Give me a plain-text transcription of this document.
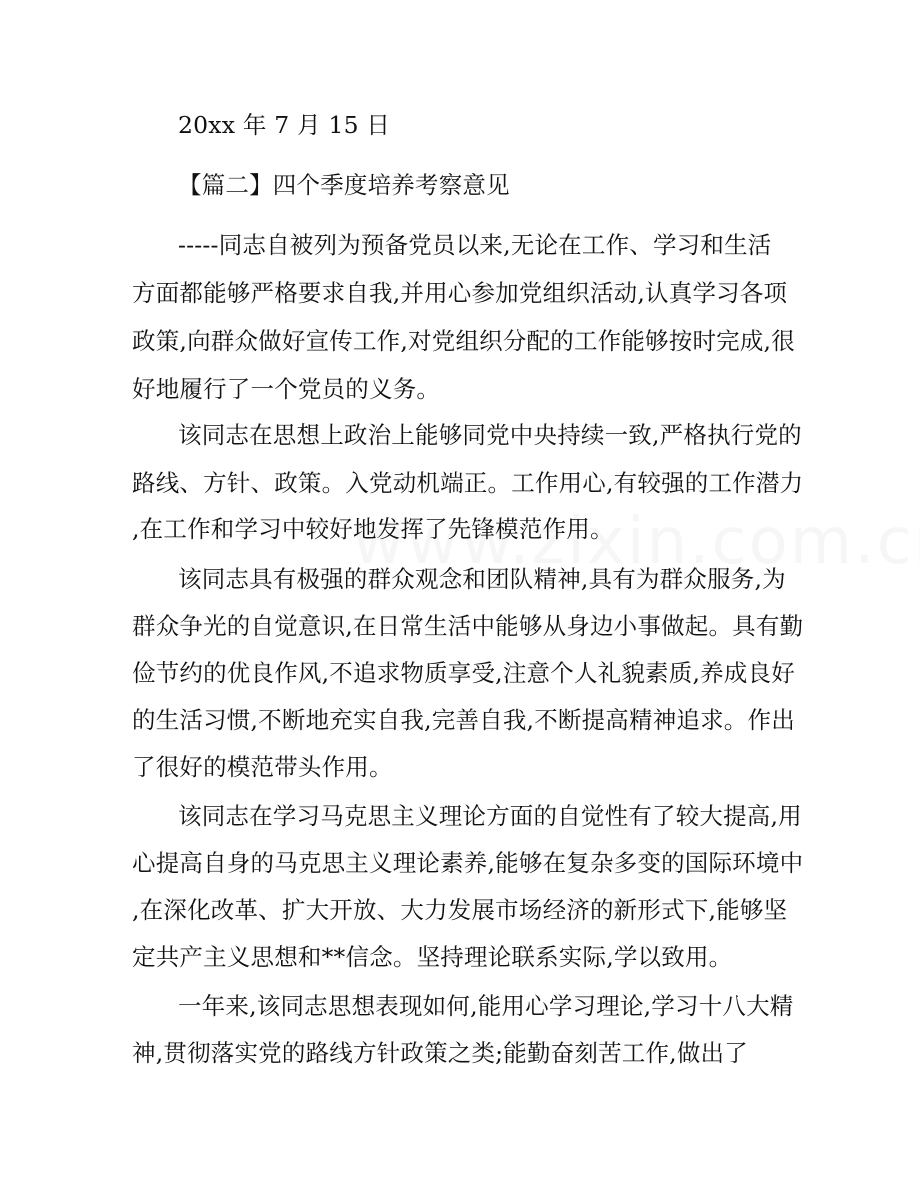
20xx 年 7 月 15 日
【篇二】四个季度培养考察意见
-----同志自被列为预备党员以来,无论在工作、学习和生活
方面都能够严格要求自我,并用心参加党组织活动,认真学习各项
政策,向群众做好宣传工作,对党组织分配的工作能够按时完成,很
好地履行了一个党员的义务。
该同志在思想上政治上能够同党中央持续一致,严格执行党的
路线、方针、政策。入党动机端正。工作用心,有较强的工作潜力
,在工作和学习中较好地发挥了先锋模范作用。
该同志具有极强的群众观念和团队精神,具有为群众服务,为
群众争光的自觉意识,在日常生活中能够从身边小事做起。具有勤
俭节约的优良作风,不追求物质享受,注意个人礼貌素质,养成良好
的生活习惯,不断地充实自我,完善自我,不断提高精神追求。作出
了很好的模范带头作用。
该同志在学习马克思主义理论方面的自觉性有了较大提高,用
心提高自身的马克思主义理论素养,能够在复杂多变的国际环境中
,在深化改革、扩大开放、大力发展市场经济的新形式下,能够坚
定共产主义思想和**信念。坚持理论联系实际,学以致用。
一年来,该同志思想表现如何,能用心学习理论,学习十八大精
神,贯彻落实党的路线方针政策之类;能勤奋刻苦工作,做出了
